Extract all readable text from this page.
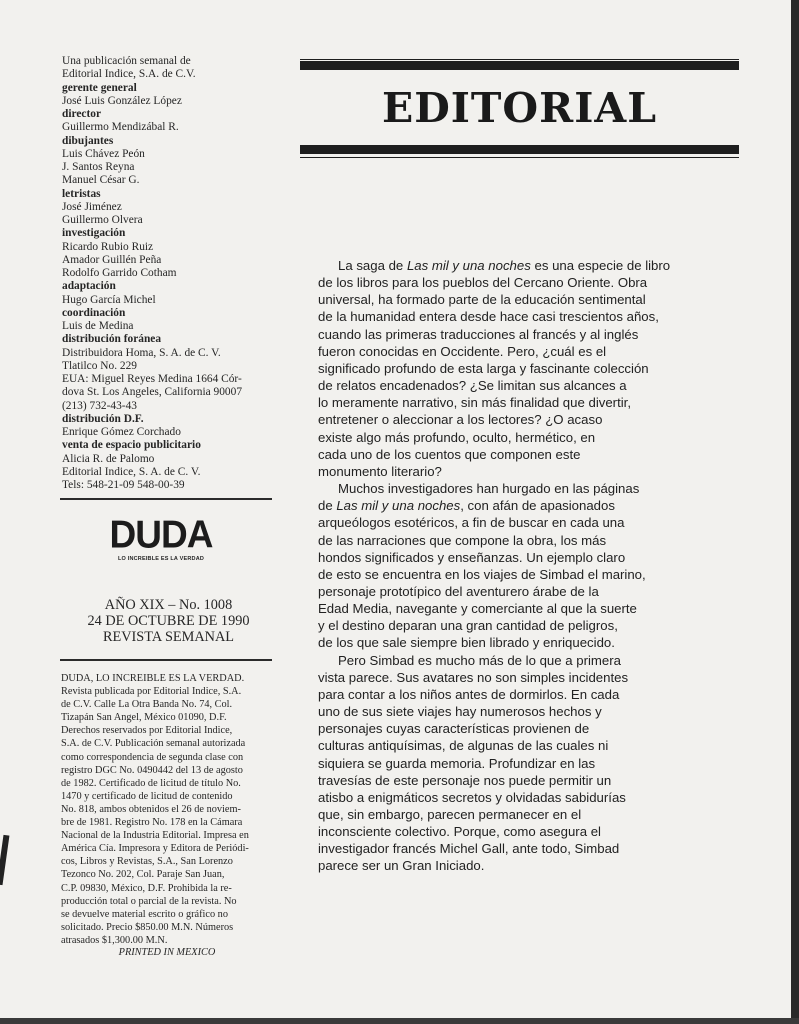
Una publicación semanal de
Editorial Indice, S.A. de C.V.
gerente general
José Luis González López
director
Guillermo Mendizábal R.
dibujantes
Luis Chávez Peón
J. Santos Reyna
Manuel César G.
letristas
José Jiménez
Guillermo Olvera
investigación
Ricardo Rubio Ruiz
Amador Guillén Peña
Rodolfo Garrido Cotham
adaptación
Hugo García Michel
coordinación
Luis de Medina
distribución foránea
Distribuidora Homa, S. A. de C. V.
Tlatilco No. 229
EUA: Miguel Reyes Medina 1664 Cór-
dova St. Los Angeles, California 90007
(213) 732-43-43
distribución D.F.
Enrique Gómez Corchado
venta de espacio publicitario
Alicia R. de Palomo
Editorial Indice, S. A. de C. V.
Tels: 548-21-09 548-00-39
DUDA
LO INCREIBLE ES LA VERDAD
AÑO XIX – No. 1008
24 DE OCTUBRE DE 1990
REVISTA SEMANAL

DUDA, LO INCREIBLE ES LA VERDAD.

Revista publicada por Editorial Indice, S.A.

de C.V. Calle La Otra Banda No. 74, Col.

Tizapán San Angel, México 01090, D.F.

Derechos reservados por Editorial Indice,

S.A. de C.V. Publicación semanal autorizada

como correspondencia de segunda clase con

registro DGC No. 0490442 del 13 de agosto

de 1982. Certificado de licitud de título No.

1470 y certificado de licitud de contenido

No. 818, ambos obtenidos el 26 de noviem-

bre de 1981. Registro No. 178 en la Cámara

Nacional de la Industria Editorial. Impresa en

América Cía. Impresora y Editora de Periódi-

cos, Libros y Revistas, S.A., San Lorenzo

Tezonco No. 202, Col. Paraje San Juan,

C.P. 09830, México, D.F. Prohibida la re-

producción total o parcial de la revista. No

se devuelve material escrito o gráfico no

solicitado. Precio $850.00 M.N. Números

atrasados $1,300.00 M.N.

PRINTED IN MEXICO
EDITORIAL
La saga de Las mil y una noches es una especie de libro
de los libros para los pueblos del Cercano Oriente. Obra
universal, ha formado parte de la educación sentimental
de la humanidad entera desde hace casi trescientos años,
cuando las primeras traducciones al francés y al inglés
fueron conocidas en Occidente. Pero, ¿cuál es el
significado profundo de esta larga y fascinante colección
de relatos encadenados? ¿Se limitan sus alcances a
lo meramente narrativo, sin más finalidad que divertir,
entretener o aleccionar a los lectores? ¿O acaso
existe algo más profundo, oculto, hermético, en
cada uno de los cuentos que componen este
monumento literario?
Muchos investigadores han hurgado en las páginas
de Las mil y una noches, con afán de apasionados
arqueólogos esotéricos, a fin de buscar en cada una
de las narraciones que compone la obra, los más
hondos significados y enseñanzas. Un ejemplo claro
de esto se encuentra en los viajes de Simbad el marino,
personaje prototípico del aventurero árabe de la
Edad Media, navegante y comerciante al que la suerte
y el destino deparan una gran cantidad de peligros,
de los que sale siempre bien librado y enriquecido.
Pero Simbad es mucho más de lo que a primera
vista parece. Sus avatares no son simples incidentes
para contar a los niños antes de dormirlos. En cada
uno de sus siete viajes hay numerosos hechos y
personajes cuyas características provienen de
culturas antiquísimas, de algunas de las cuales ni
siquiera se guarda memoria. Profundizar en las
travesías de este personaje nos puede permitir un
atisbo a enigmáticos secretos y olvidadas sabidurías
que, sin embargo, parecen permanecer en el
inconsciente colectivo. Porque, como asegura el
investigador francés Michel Gall, ante todo, Simbad
parece ser un Gran Iniciado.
